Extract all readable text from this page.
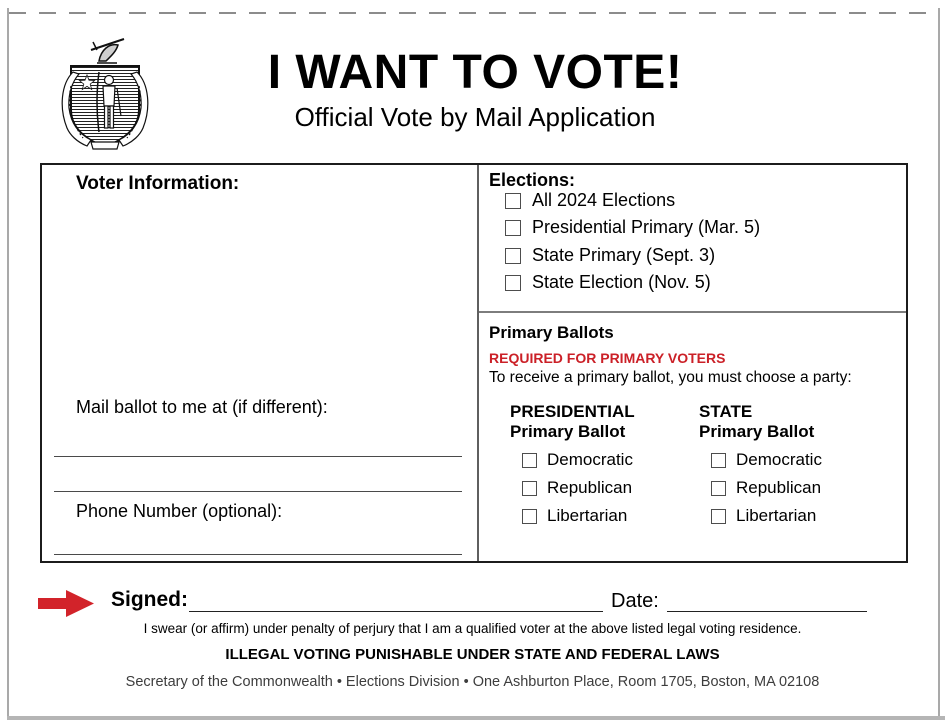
I WANT TO VOTE!
Official Vote by Mail Application
Voter Information:
Mail ballot to me at (if different):
Phone Number (optional):
Elections:
All 2024 Elections
Presidential Primary (Mar. 5)
State Primary (Sept. 3)
State Election (Nov. 5)
Primary Ballots
REQUIRED FOR PRIMARY VOTERS
To receive a primary ballot, you must choose a party:
PRESIDENTIAL
Primary Ballot
Democratic
Republican
Libertarian
STATE
Primary Ballot
Democratic
Republican
Libertarian
Signed:	Date:
I swear (or affirm) under penalty of perjury that I am a qualified voter at the above listed legal voting residence.
ILLEGAL VOTING PUNISHABLE UNDER STATE AND FEDERAL LAWS
Secretary of the Commonwealth • Elections Division • One Ashburton Place, Room 1705, Boston, MA 02108
